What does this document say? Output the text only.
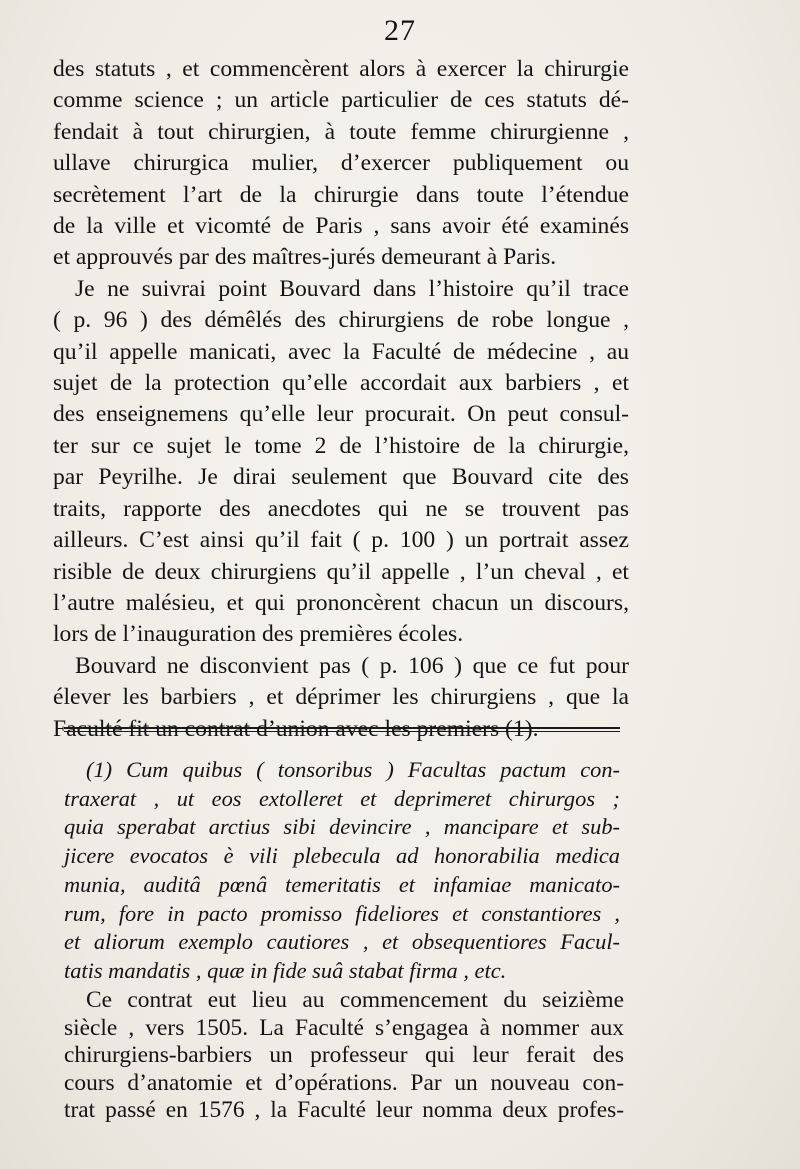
27
des statuts , et commencèrent alors à exercer la chirurgie
comme science ; un article particulier de ces statuts dé-
fendait à tout chirurgien, à toute femme chirurgienne ,
ullave chirurgica mulier, d’exercer publiquement ou
secrètement l’art de la chirurgie dans toute l’étendue
de la ville et vicomté de Paris , sans avoir été examinés
et approuvés par des maîtres-jurés demeurant à Paris.
Je ne suivrai point Bouvard dans l’histoire qu’il trace
( p. 96 ) des démêlés des chirurgiens de robe longue ,
qu’il appelle manicati, avec la Faculté de médecine , au
sujet de la protection qu’elle accordait aux barbiers , et
des enseignemens qu’elle leur procurait. On peut consul-
ter sur ce sujet le tome 2 de l’histoire de la chirurgie,
par Peyrilhe. Je dirai seulement que Bouvard cite des
traits, rapporte des anecdotes qui ne se trouvent pas
ailleurs. C’est ainsi qu’il fait ( p. 100 ) un portrait assez
risible de deux chirurgiens qu’il appelle , l’un cheval , et
l’autre malésieu, et qui prononcèrent chacun un discours,
lors de l’inauguration des premières écoles.
Bouvard ne disconvient pas ( p. 106 ) que ce fut pour
élever les barbiers , et déprimer les chirurgiens , que la
Faculté fit un contrat d’union avec les premiers (1).
(1) Cum quibus ( tonsoribus ) Facultas pactum con-
traxerat , ut eos extolleret et deprimeret chirurgos ;
quia sperabat arctius sibi devincire , mancipare et sub-
jicere evocatos è vili plebecula ad honorabilia medica
munia, auditâ pœnâ temeritatis et infamiae manicato-
rum, fore in pacto promisso fideliores et constantiores ,
et aliorum exemplo cautiores , et obsequentiores Facul-
tatis mandatis , quæ in fide suâ stabat firma , etc.
Ce contrat eut lieu au commencement du seizième
siècle , vers 1505. La Faculté s’engagea à nommer aux
chirurgiens-barbiers un professeur qui leur ferait des
cours d’anatomie et d’opérations. Par un nouveau con-
trat passé en 1576 , la Faculté leur nomma deux profes-
